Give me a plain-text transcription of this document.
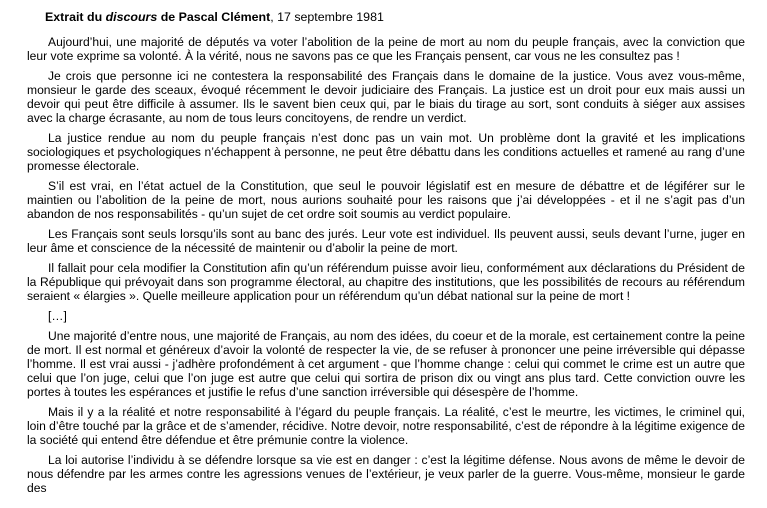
Extrait du discours de Pascal Clément, 17 septembre 1981

Aujourd’hui, une majorité de députés va voter l’abolition de la peine de mort au nom du peuple français, avec la conviction que leur vote exprime sa volonté. À la vérité, nous ne savons pas ce que les Français pensent, car vous ne les consultez pas !

Je crois que personne ici ne contestera la responsabilité des Français dans le domaine de la justice. Vous avez vous-même, monsieur le garde des sceaux, évoqué récemment le devoir judiciaire des Français. La justice est un droit pour eux mais aussi un devoir qui peut être difficile à assumer. Ils le savent bien ceux qui, par le biais du tirage au sort, sont conduits à siéger aux assises avec la charge écrasante, au nom de tous leurs concitoyens, de rendre un verdict.

La justice rendue au nom du peuple français n’est donc pas un vain mot. Un problème dont la gravité et les implications sociologiques et psychologiques n’échappent à personne, ne peut être débattu dans les conditions actuelles et ramené au rang d’une promesse électorale.

S’il est vrai, en l’état actuel de la Constitution, que seul le pouvoir législatif est en mesure de débattre et de légiférer sur le maintien ou l’abolition de la peine de mort, nous aurions souhaité pour les raisons que j’ai développées - et il ne s’agit pas d’un abandon de nos responsabilités - qu’un sujet de cet ordre soit soumis au verdict populaire.

Les Français sont seuls lorsqu’ils sont au banc des jurés. Leur vote est individuel. Ils peuvent aussi, seuls devant l’urne, juger en leur âme et conscience de la nécessité de maintenir ou d’abolir la peine de mort.

Il fallait pour cela modifier la Constitution afin qu’un référendum puisse avoir lieu, conformément aux déclarations du Président de la République qui prévoyait dans son programme électoral, au chapitre des institutions, que les possibilités de recours au référendum seraient « élargies ». Quelle meilleure application pour un référendum qu’un débat national sur la peine de mort !

[…]

Une majorité d’entre nous, une majorité de Français, au nom des idées, du coeur et de la morale, est certainement contre la peine de mort. Il est normal et généreux d’avoir la volonté de respecter la vie, de se refuser à prononcer une peine irréversible qui dépasse l’homme. Il est vrai aussi - j’adhère profondément à cet argument - que l’homme change : celui qui commet le crime est un autre que celui que l’on juge, celui que l’on juge est autre que celui qui sortira de prison dix ou vingt ans plus tard. Cette conviction ouvre les portes à toutes les espérances et justifie le refus d’une sanction irréversible qui désespère de l’homme.

Mais il y a la réalité et notre responsabilité à l’égard du peuple français. La réalité, c’est le meurtre, les victimes, le criminel qui, loin d’être touché par la grâce et de s’amender, récidive. Notre devoir, notre responsabilité, c’est de répondre à la légitime exigence de la société qui entend être défendue et être prémunie contre la violence.

La loi autorise l’individu à se défendre lorsque sa vie est en danger : c’est la légitime défense. Nous avons de même le devoir de nous défendre par les armes contre les agressions venues de l’extérieur, je veux parler de la guerre. Vous-même, monsieur le garde des
